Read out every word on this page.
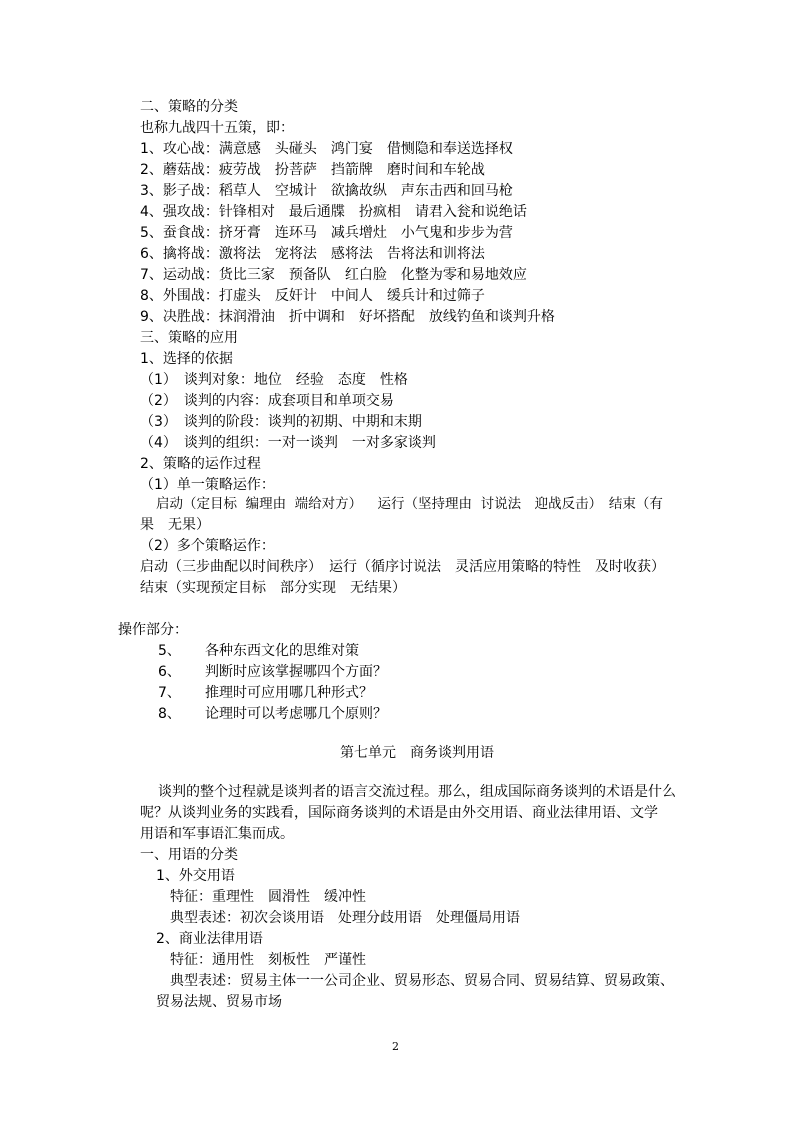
二、策略的分类
也称九战四十五策，即：
1、攻心战：满意感　头碰头　鸿门宴　借恻隐和奉送选择权
2、蘑菇战：疲劳战　扮菩萨　挡箭牌　磨时间和车轮战
3、影子战：稻草人　空城计　欲擒故纵　声东击西和回马枪
4、强攻战：针锋相对　最后通牒　扮疯相　请君入瓮和说绝话
5、蚕食战：挤牙膏　连环马　减兵增灶　小气鬼和步步为营
6、擒将战：激将法　宠将法　感将法　告将法和训将法
7、运动战：货比三家　预备队　红白脸　化整为零和易地效应
8、外围战：打虚头　反奸计　中间人　缓兵计和过筛子
9、决胜战：抹润滑油　折中调和　好坏搭配　放线钓鱼和谈判升格
三、策略的应用
1、选择的依据
（1）　谈判对象：地位　经验　态度　性格
（2）　谈判的内容：成套项目和单项交易
（3）　谈判的阶段：谈判的初期、中期和末期
（4）　谈判的组织：一对一谈判　一对多家谈判
2、策略的运作过程
（1）单一策略运作：
启动（定目标  编理由  端给对方）　  运行（坚持理由  讨说法　迎战反击）　结束（有
果　无果）
（2）多个策略运作：
启动（三步曲配以时间秩序）　运行（循序讨说法　灵活应用策略的特性　及时收获）
结束（实现预定目标　部分实现　无结果）
操作部分：
5、 各种东西文化的思维对策
6、 判断时应该掌握哪四个方面？
7、 推理时可应用哪几种形式？
8、 论理时可以考虑哪几个原则？
第七单元　商务谈判用语
谈判的整个过程就是谈判者的语言交流过程。那么，组成国际商务谈判的术语是什么
呢？从谈判业务的实践看，国际商务谈判的术语是由外交用语、商业法律用语、文学
用语和军事语汇集而成。
一、用语的分类
1、外交用语
特征：重理性　圆滑性　缓冲性
典型表述：初次会谈用语　处理分歧用语　处理僵局用语
2、商业法律用语
特征：通用性　刻板性　严谨性
典型表述：贸易主体一一公司企业、贸易形态、贸易合同、贸易结算、贸易政策、
贸易法规、贸易市场
2
